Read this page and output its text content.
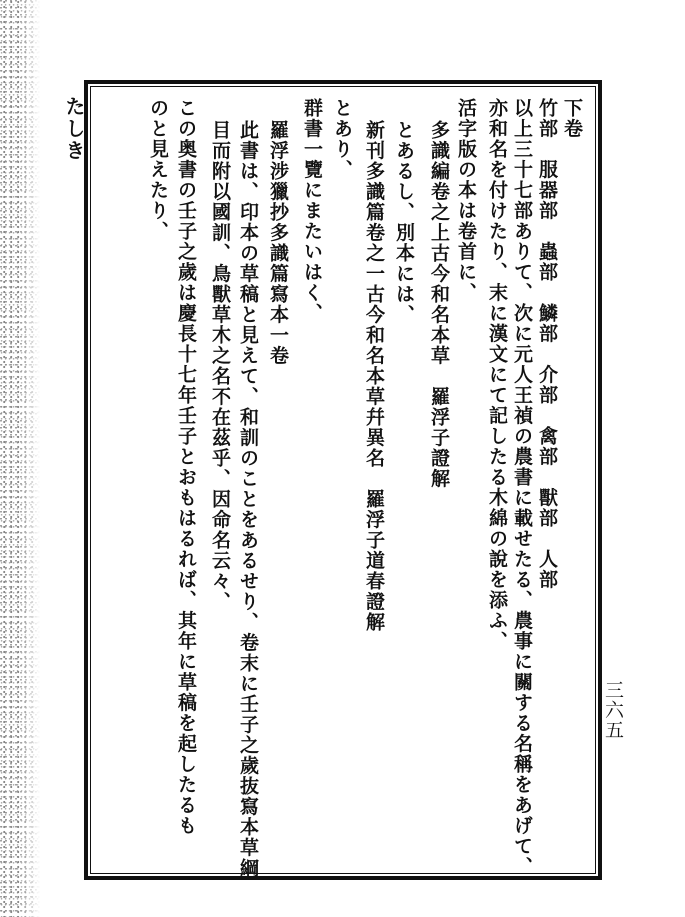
たしき	下卷
竹部　服器部　蟲部　鱗部　介部　禽部　獸部　人部
以上三十七部ありて、次に元人王禎の農書に載せたる、農事に關する名稱をあげて、
亦和名を付けたり、末に漢文にて記したる木綿の說を添ふ、
活字版の本は卷首に、
多識編卷之上古今和名本草　羅浮子證解
とあるし、別本には、
新刊多識篇卷之一古今和名本草幷異名　羅浮子道春證解
とあり、
群書一覽にまたいはく、
羅浮涉獵抄多識篇寫本一卷
此書は、印本の草稿と見えて、和訓のことをあるせり、卷末に壬子之歲抜寫本草綱
目而附以國訓、鳥獸草木之名不在茲乎、因命名云々、
この奥書の壬子之歲は慶長十七年壬子とおもはるれば、其年に草稿を起したるも
のと見えたり、
三六五
